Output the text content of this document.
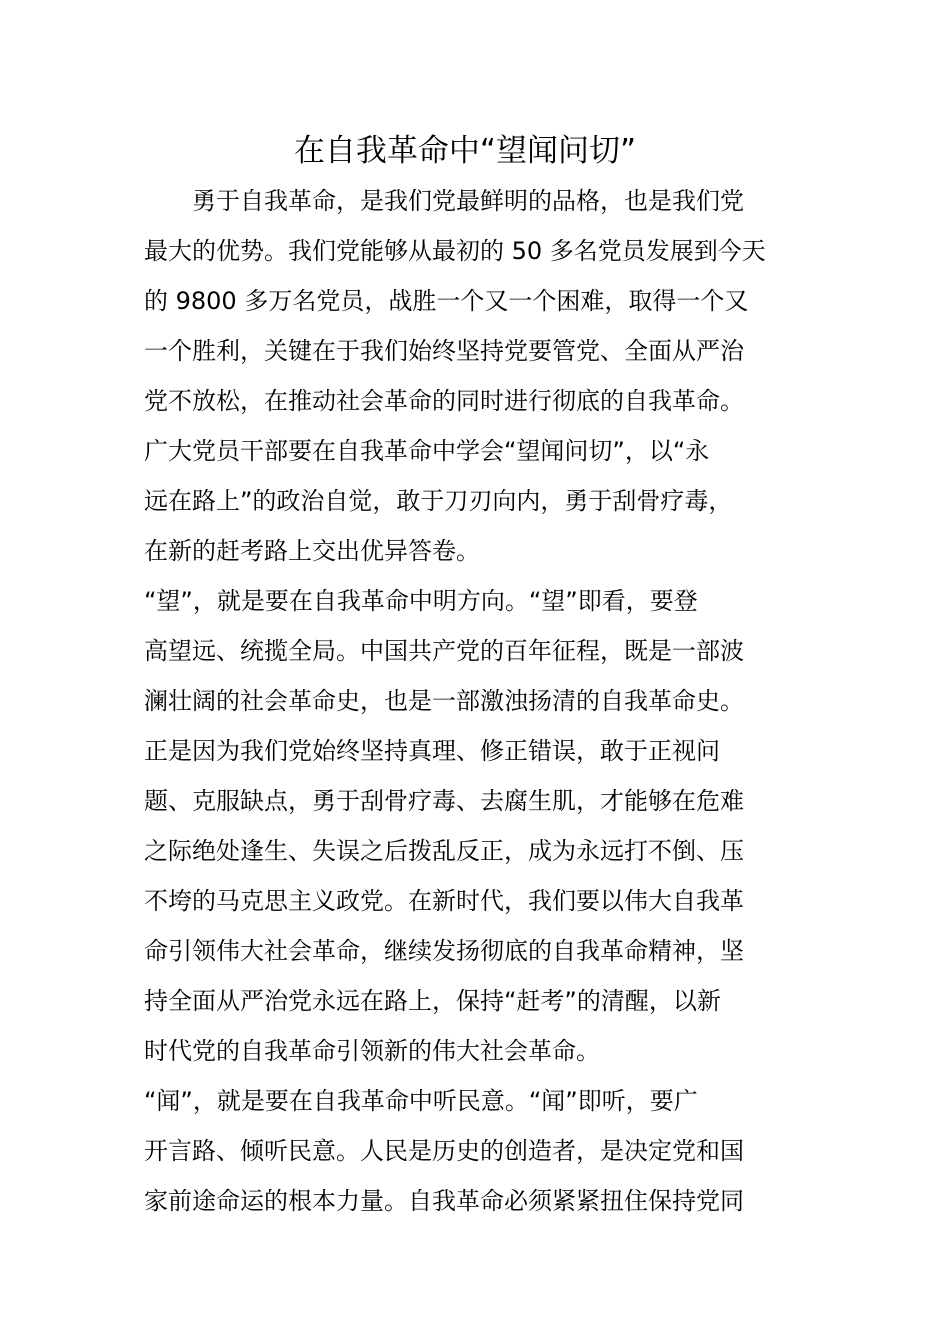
在自我革命中“望闻问切”
　　勇于自我革命，是我们党最鲜明的品格，也是我们党
最大的优势。我们党能够从最初的 50 多名党员发展到今天
的 9800 多万名党员，战胜一个又一个困难，取得一个又
一个胜利，关键在于我们始终坚持党要管党、全面从严治
党不放松，在推动社会革命的同时进行彻底的自我革命。
广大党员干部要在自我革命中学会“望闻问切”，以“永
远在路上”的政治自觉，敢于刀刃向内，勇于刮骨疗毒，
在新的赶考路上交出优异答卷。
“望”，就是要在自我革命中明方向。“望”即看，要登
高望远、统揽全局。中国共产党的百年征程，既是一部波
澜壮阔的社会革命史，也是一部激浊扬清的自我革命史。
正是因为我们党始终坚持真理、修正错误，敢于正视问
题、克服缺点，勇于刮骨疗毒、去腐生肌，才能够在危难
之际绝处逢生、失误之后拨乱反正，成为永远打不倒、压
不垮的马克思主义政党。在新时代，我们要以伟大自我革
命引领伟大社会革命，继续发扬彻底的自我革命精神，坚
持全面从严治党永远在路上，保持“赶考”的清醒，以新
时代党的自我革命引领新的伟大社会革命。
“闻”，就是要在自我革命中听民意。“闻”即听，要广
开言路、倾听民意。人民是历史的创造者，是决定党和国
家前途命运的根本力量。自我革命必须紧紧扭住保持党同
